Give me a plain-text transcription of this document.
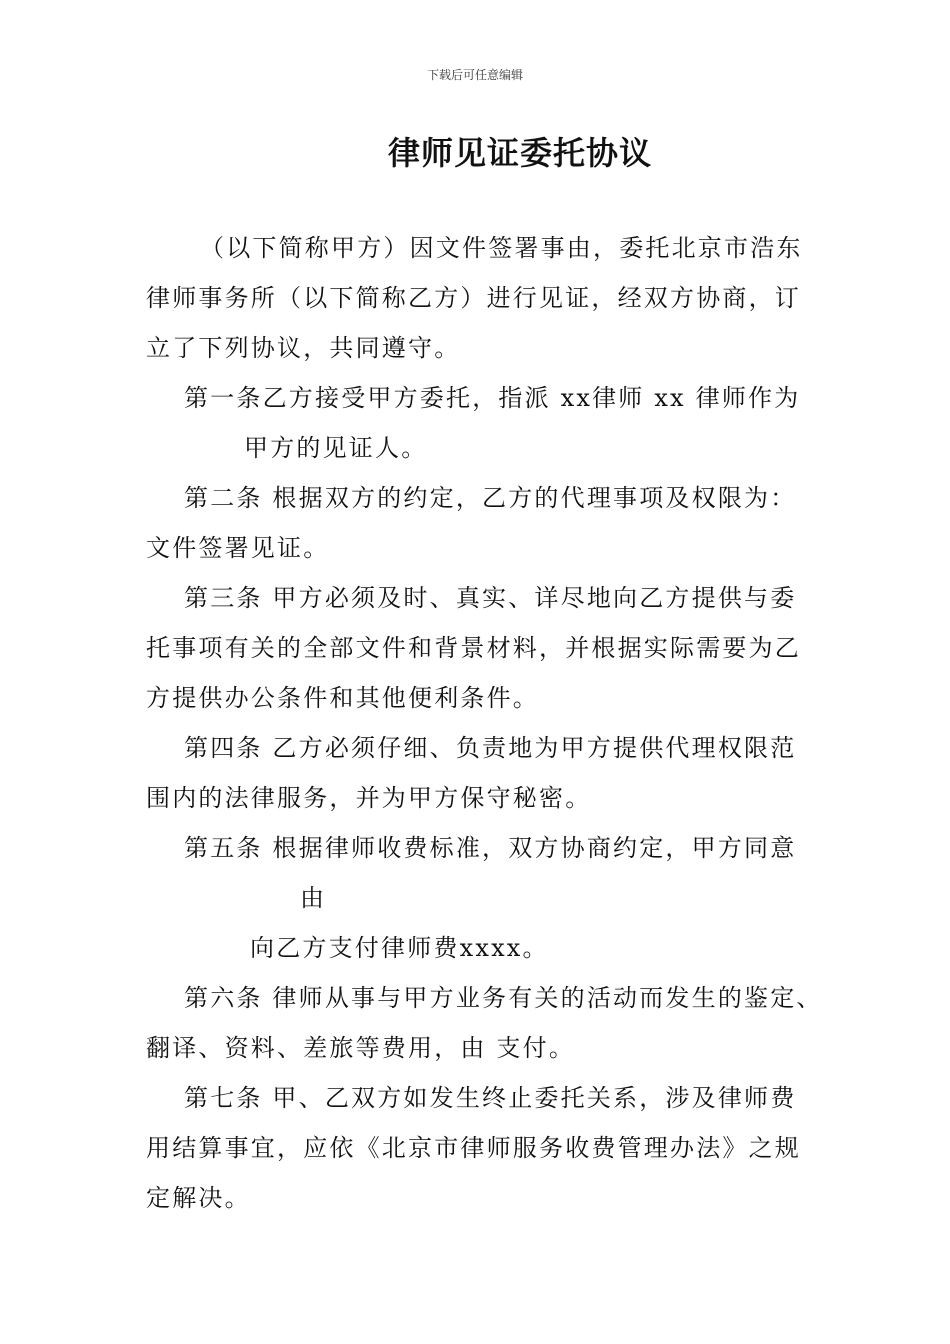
下载后可任意编辑
律师见证委托协议
（以下简称甲方）因文件签署事由，委托北京市浩东
律师事务所（以下简称乙方）进行见证，经双方协商，订
立了下列协议，共同遵守。
第一条乙方接受甲方委托，指派 xx律师 xx 律师作为
甲方的见证人。
第二条 根据双方的约定，乙方的代理事项及权限为：
文件签署见证。
第三条 甲方必须及时、真实、详尽地向乙方提供与委
托事项有关的全部文件和背景材料，并根据实际需要为乙
方提供办公条件和其他便利条件。
第四条 乙方必须仔细、负责地为甲方提供代理权限范
围内的法律服务，并为甲方保守秘密。
第五条 根据律师收费标准，双方协商约定，甲方同意
由
向乙方支付律师费xxxx。
第六条 律师从事与甲方业务有关的活动而发生的鉴定、
翻译、资料、差旅等费用，由 支付。
第七条 甲、乙双方如发生终止委托关系，涉及律师费
用结算事宜，应依《北京市律师服务收费管理办法》之规
定解决。
